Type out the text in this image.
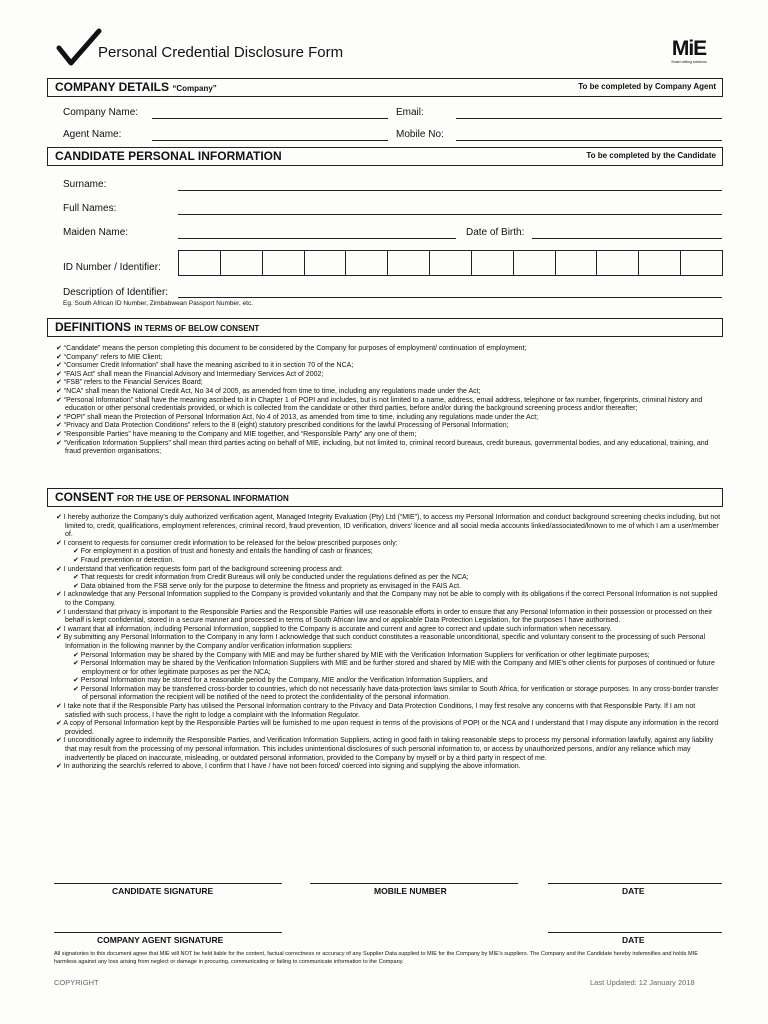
Personal Credential Disclosure Form	MiE
Smart vetting solutions
COMPANY DETAILS “Company”	To be completed by Company Agent
Company Name:	Email:
Agent Name:	Mobile No:
CANDIDATE PERSONAL INFORMATION	To be completed by the Candidate
Surname:
Full Names:
Maiden Name:	Date of Birth:
ID Number / Identifier:
Description of Identifier:
Eg. South African ID Number, Zimbabwean Passport Number, etc.
DEFINITIONS IN TERMS OF BELOW CONSENT

✔ “Candidate” means the person completing this document to be considered by the Company for purposes of employment/ continuation of employment;

✔ “Company” refers to MIE Client;

✔ “Consumer Credit Information” shall have the meaning ascribed to it in section 70 of the NCA;

✔ “FAIS Act” shall mean the Financial Advisory and Intermediary Services Act of 2002;

✔ “FSB” refers to the Financial Services Board;

✔ “NCA” shall mean the National Credit Act, No 34 of 2005, as amended from time to time, including any regulations made under the Act;

✔ “Personal Information” shall have the meaning ascribed to it in Chapter 1 of POPI and includes, but is not limited to a name, address, email address, telephone or fax number, fingerprints, criminal history and education or other personal credentials provided, or which is collected from the candidate or other third parties, before and/or during the background screening process and/or thereafter;

✔ “POPI” shall mean the Protection of Personal Information Act, No 4 of 2013, as amended from time to time, including any regulations made under the Act;

✔ “Privacy and Data Protection Conditions” refers to the 8 (eight) statutory prescribed conditions for the lawful Processing of Personal Information;

✔ “Responsible Parties” have meaning to the Company and MIE together, and “Responsible Party” any one of them;

✔ “Verification Information Suppliers” shall mean third parties acting on behalf of MIE, including, but not limited to, criminal record bureaus, credit bureaus, governmental bodies, and any educational, training, and fraud prevention organisations;

CONSENT FOR THE USE OF PERSONAL INFORMATION

✔ I hereby authorize the Company’s duly authorized verification agent, Managed Integrity Evaluation (Pty) Ltd (“MIE”), to access my Personal Information and conduct background screening checks including, but not limited to, credit, qualifications, employment references, criminal record, fraud prevention, ID verification, drivers’ licence and all social media accounts linked/associated/known to me of which I am a user/member of.

✔ I consent to requests for consumer credit information to be released for the below prescribed purposes only:

✔ For employment in a position of trust and honesty and entails the handling of cash or finances;

✔ Fraud prevention or detection.

✔ I understand that verification requests form part of the background screening process and:

✔ That requests for credit information from Credit Bureaus will only be conducted under the regulations defined as per the NCA;

✔ Data obtained from the FSB serve only for the purpose to determine the fitness and propriety as envisaged in the FAIS Act.

✔ I acknowledge that any Personal Information supplied to the Company is provided voluntarily and that the Company may not be able to comply with its obligations if the correct Personal Information is not supplied to the Company.

✔ I understand that privacy is important to the Responsible Parties and the Responsible Parties will use reasonable efforts in order to ensure that any Personal Information in their possession or processed on their behalf is kept confidential, stored in a secure manner and processed in terms of South African law and or applicable Data Protection Legislation, for the purposes I have authorised.

✔ I warrant that all information, including Personal Information, supplied to the Company is accurate and current and agree to correct and update such information when necessary.

✔ By submitting any Personal Information to the Company in any form I acknowledge that such conduct constitutes a reasonable unconditional, specific and voluntary consent to the processing of such Personal Information in the following manner by the Company and/or verification information suppliers:

✔ Personal Information may be shared by the Company with MIE and may be further shared by MIE with the Verification Information Suppliers for verification or other legitimate purposes;

✔ Personal Information may be shared by the Verification Information Suppliers with MIE and be further stored and shared by MIE with the Company and MIE’s other clients for purposes of continued or future employment or for other legitimate purposes as per the NCA;

✔ Personal Information may be stored for a reasonable period by the Company, MIE and/or the Verification Information Suppliers, and

✔ Personal Information may be transferred cross-border to countries, which do not necessarily have data-protection laws similar to South Africa, for verification or storage purposes. In any cross-border transfer of personal information the recipient will be notified of the need to protect the confidentiality of the personal information.

✔ I take note that if the Responsible Party has utilised the Personal Information contrary to the Privacy and Data Protection Conditions, I may first resolve any concerns with that Responsible Party. If I am not satisfied with such process, I have the right to lodge a complaint with the Information Regulator.

✔ A copy of Personal Information kept by the Responsible Parties will be furnished to me upon request in terms of the provisions of POPI or the NCA and I understand that I may dispute any information in the record provided.

✔ I unconditionally agree to indemnify the Responsible Parties, and Verification Information Suppliers, acting in good faith in taking reasonable steps to process my personal information lawfully, against any liability that may result from the processing of my personal information. This includes unintentional disclosures of such personal information to, or access by unauthorized persons, and/or any reliance which may inadvertently be placed on inaccurate, misleading, or outdated personal information, provided to the Company by myself or by a third party in respect of me.

✔ In authorizing the search/s referred to above, I confirm that I have / have not been forced/ coerced into signing and supplying the above information.

CANDIDATE SIGNATURE	MOBILE NUMBER	DATE
COMPANY AGENT SIGNATURE	DATE
All signatories to this document agree that MIE will NOT be held liable for the content, factual correctness or accuracy of any Supplier Data supplied to MIE for the Company by MIE’s suppliers. The Company and the Candidate hereby indemnifies and holds MIE harmless against any loss arising from neglect or damage in procuring, communicating or failing to communicate information to the Company.
COPYRIGHT	Last Updated: 12 January 2018
